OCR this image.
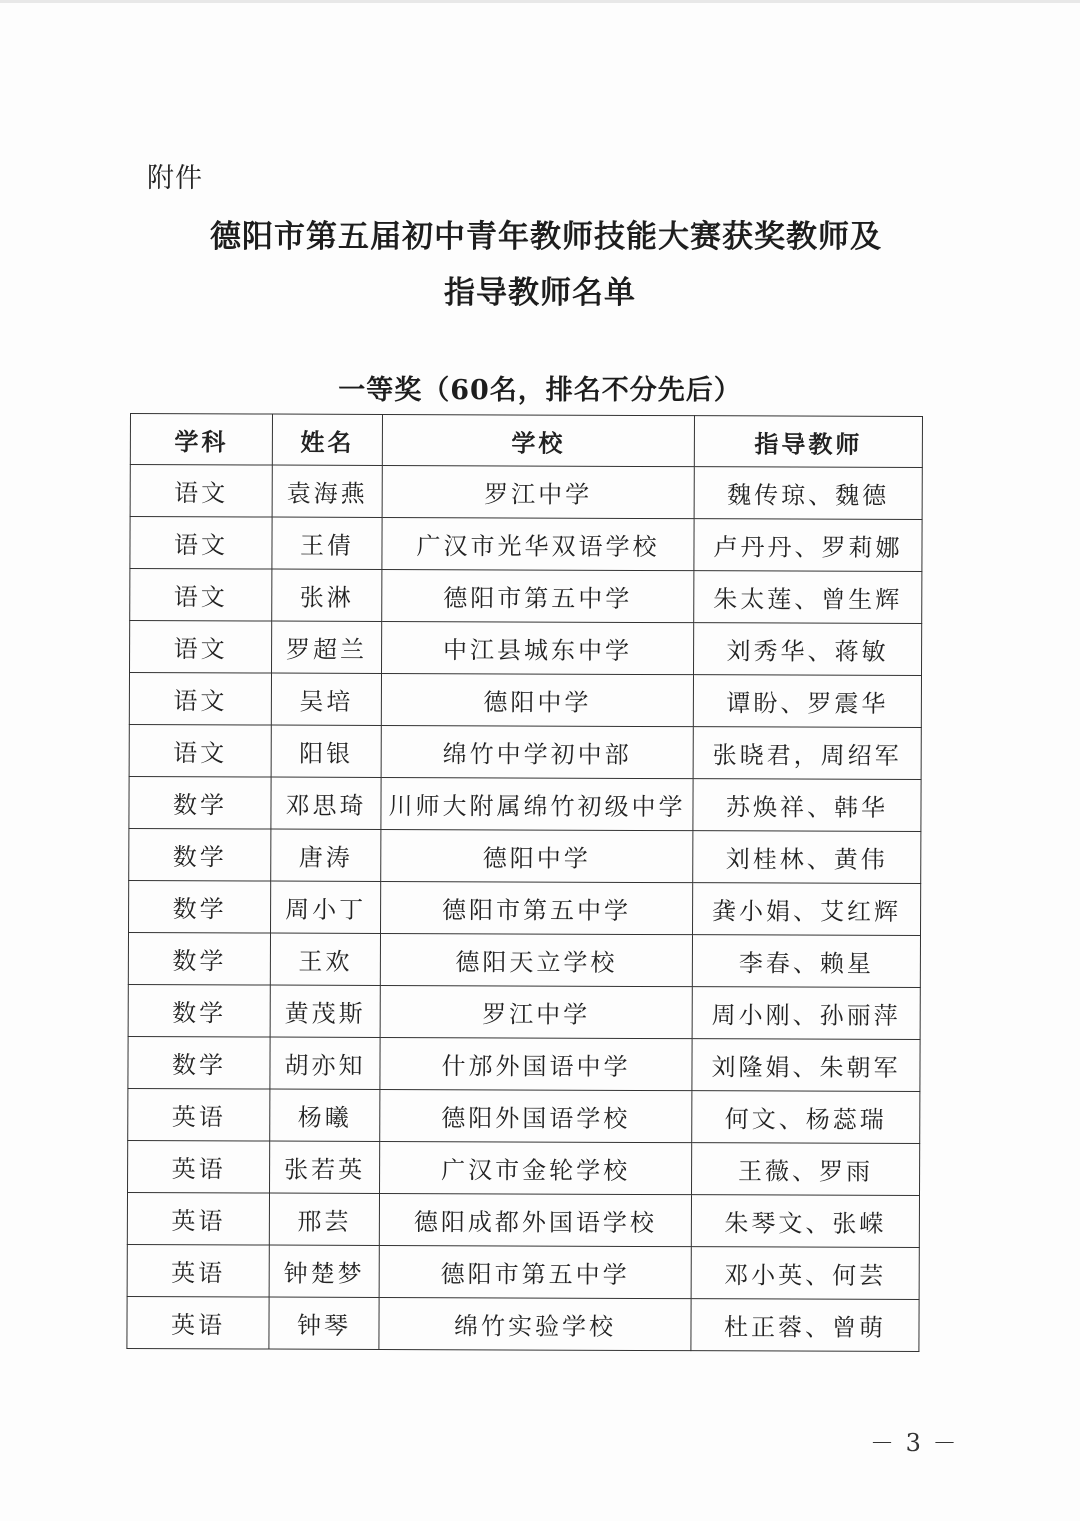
附件
德阳市第五届初中青年教师技能大赛获奖教师及
指导教师名单
一等奖（60名，排名不分先后）
学科	姓名	学校	指导教师
语文	袁海燕	罗江中学	魏传琼、魏德
语文	王倩	广汉市光华双语学校	卢丹丹、罗莉娜
语文	张淋	德阳市第五中学	朱太莲、曾生辉
语文	罗超兰	中江县城东中学	刘秀华、蒋敏
语文	吴培	德阳中学	谭盼、罗震华
语文	阳银	绵竹中学初中部	张晓君，周绍军
数学	邓思琦	川师大附属绵竹初级中学	苏焕祥、韩华
数学	唐涛	德阳中学	刘桂林、黄伟
数学	周小丁	德阳市第五中学	龚小娟、艾红辉
数学	王欢	德阳天立学校	李春、赖星
数学	黄茂斯	罗江中学	周小刚、孙丽萍
数学	胡亦知	什邡外国语中学	刘隆娟、朱朝军
英语	杨曦	德阳外国语学校	何文、杨蕊瑞
英语	张若英	广汉市金轮学校	王薇、罗雨
英语	邢芸	德阳成都外国语学校	朱琴文、张嵘
英语	钟楚梦	德阳市第五中学	邓小英、何芸
英语	钟琴	绵竹实验学校	杜正蓉、曾萌
－ 3 －
